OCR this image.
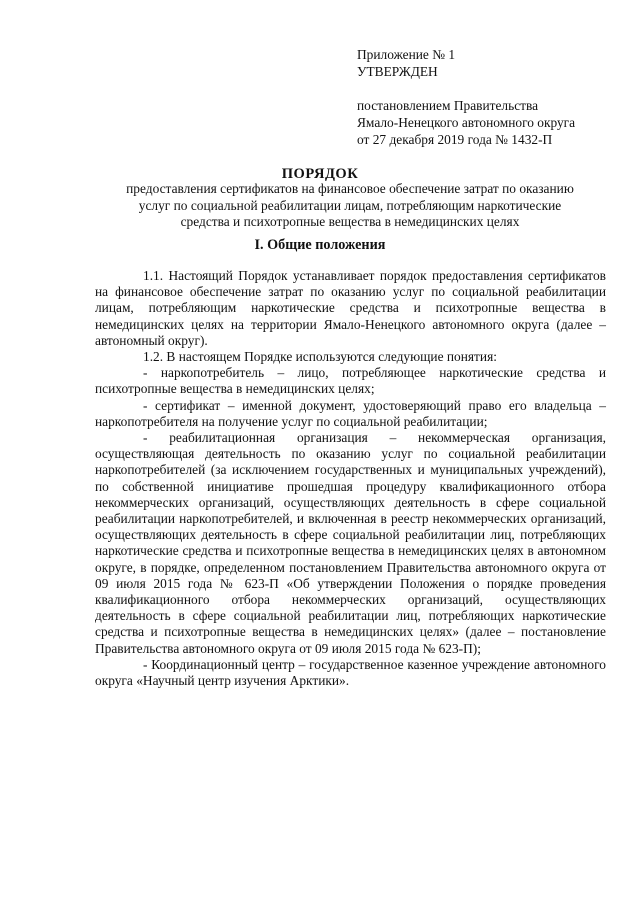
Приложение № 1
УТВЕРЖДЕН
постановлением Правительства
Ямало-Ненецкого автономного округа
от 27 декабря 2019 года № 1432-П
ПОРЯДОК
предоставления сертификатов на финансовое обеспечение затрат по оказанию
услуг по социальной реабилитации лицам, потребляющим наркотические
средства и психотропные вещества в немедицинских целях
I. Общие положения

1.1. Настоящий Порядок устанавливает порядок предоставления сертификатов на финансовое обеспечение затрат по оказанию услуг по социальной реабилитации лицам, потребляющим наркотические средства и психотропные вещества в немедицинских целях на территории Ямало-Ненецкого автономного округа (далее – автономный округ).

1.2. В настоящем Порядке используются следующие понятия:

- наркопотребитель – лицо, потребляющее наркотические средства и психотропные вещества в немедицинских целях;

- сертификат – именной документ, удостоверяющий право его владельца – наркопотребителя на получение услуг по социальной реабилитации;

- реабилитационная организация – некоммерческая организация, осуществляющая деятельность по оказанию услуг по социальной реабилитации наркопотребителей (за исключением государственных и муниципальных учреждений), по собственной инициативе прошедшая процедуру квалификационного отбора некоммерческих организаций, осуществляющих деятельность в сфере социальной реабилитации наркопотребителей, и включенная в реестр некоммерческих организаций, осуществляющих деятельность в сфере социальной реабилитации лиц, потребляющих наркотические средства и психотропные вещества в немедицинских целях в автономном округе, в порядке, определенном постановлением Правительства автономного округа от 09 июля 2015 года № 623-П «Об утверждении Положения о порядке проведения квалификационного отбора некоммерческих организаций, осуществляющих деятельность в сфере социальной реабилитации лиц, потребляющих наркотические средства и психотропные вещества в немедицинских целях» (далее – постановление Правительства автономного округа от 09 июля 2015 года № 623-П);

- Координационный центр – государственное казенное учреждение автономного округа «Научный центр изучения Арктики».
